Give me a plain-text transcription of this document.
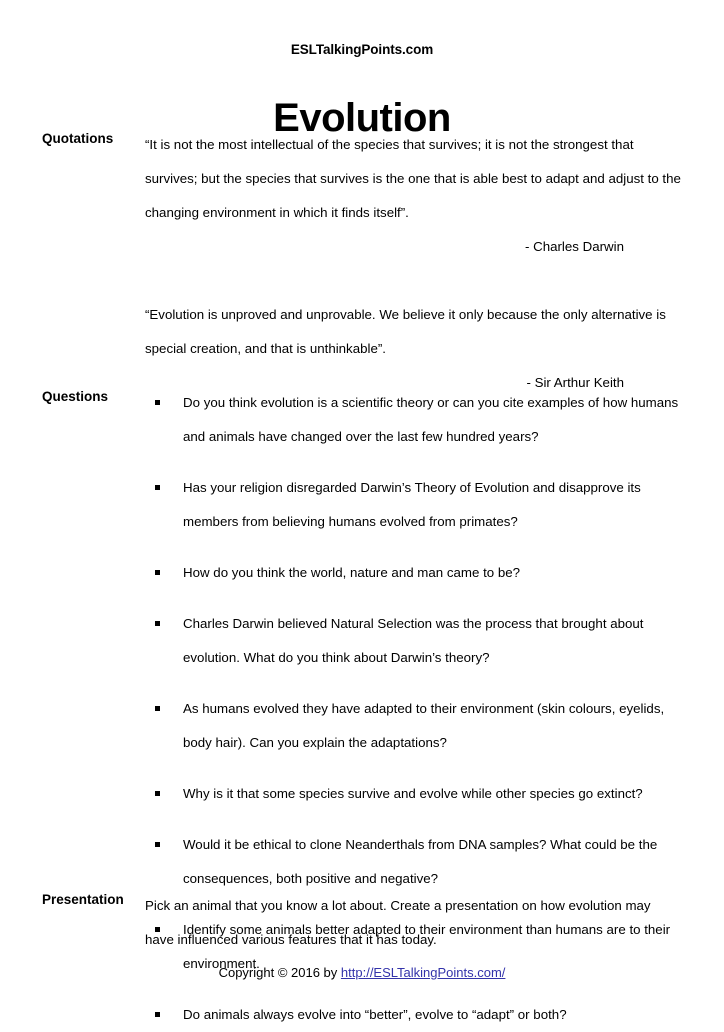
ESLTalkingPoints.com
Evolution
Quotations	“It is not the most intellectual of the species that survives; it is not the strongest that survives; but the species that survives is the one that is able best to adapt and adjust to the changing environment in which it finds itself”.
- Charles Darwin
“Evolution is unproved and unprovable. We believe it only because the only alternative is special creation, and that is unthinkable”.
- Sir Arthur Keith
Questions	Do you think evolution is a scientific theory or can you cite examples of how humans and animals have changed over the last few hundred years?
Has your religion disregarded Darwin’s Theory of Evolution and disapprove its members from believing humans evolved from primates?
How do you think the world, nature and man came to be?
Charles Darwin believed Natural Selection was the process that brought about evolution. What do you think about Darwin’s theory?
As humans evolved they have adapted to their environment (skin colours, eyelids, body hair). Can you explain the adaptations?
Why is it that some species survive and evolve while other species go extinct?
Would it be ethical to clone Neanderthals from DNA samples? What could be the consequences, both positive and negative?
Identify some animals better adapted to their environment than humans are to their environment.
Do animals always evolve into “better”, evolve to “adapt” or both?
Presentation	Pick an animal that you know a lot about. Create a presentation on how evolution may have influenced various features that it has today.
Copyright © 2016 by http://ESLTalkingPoints.com/
